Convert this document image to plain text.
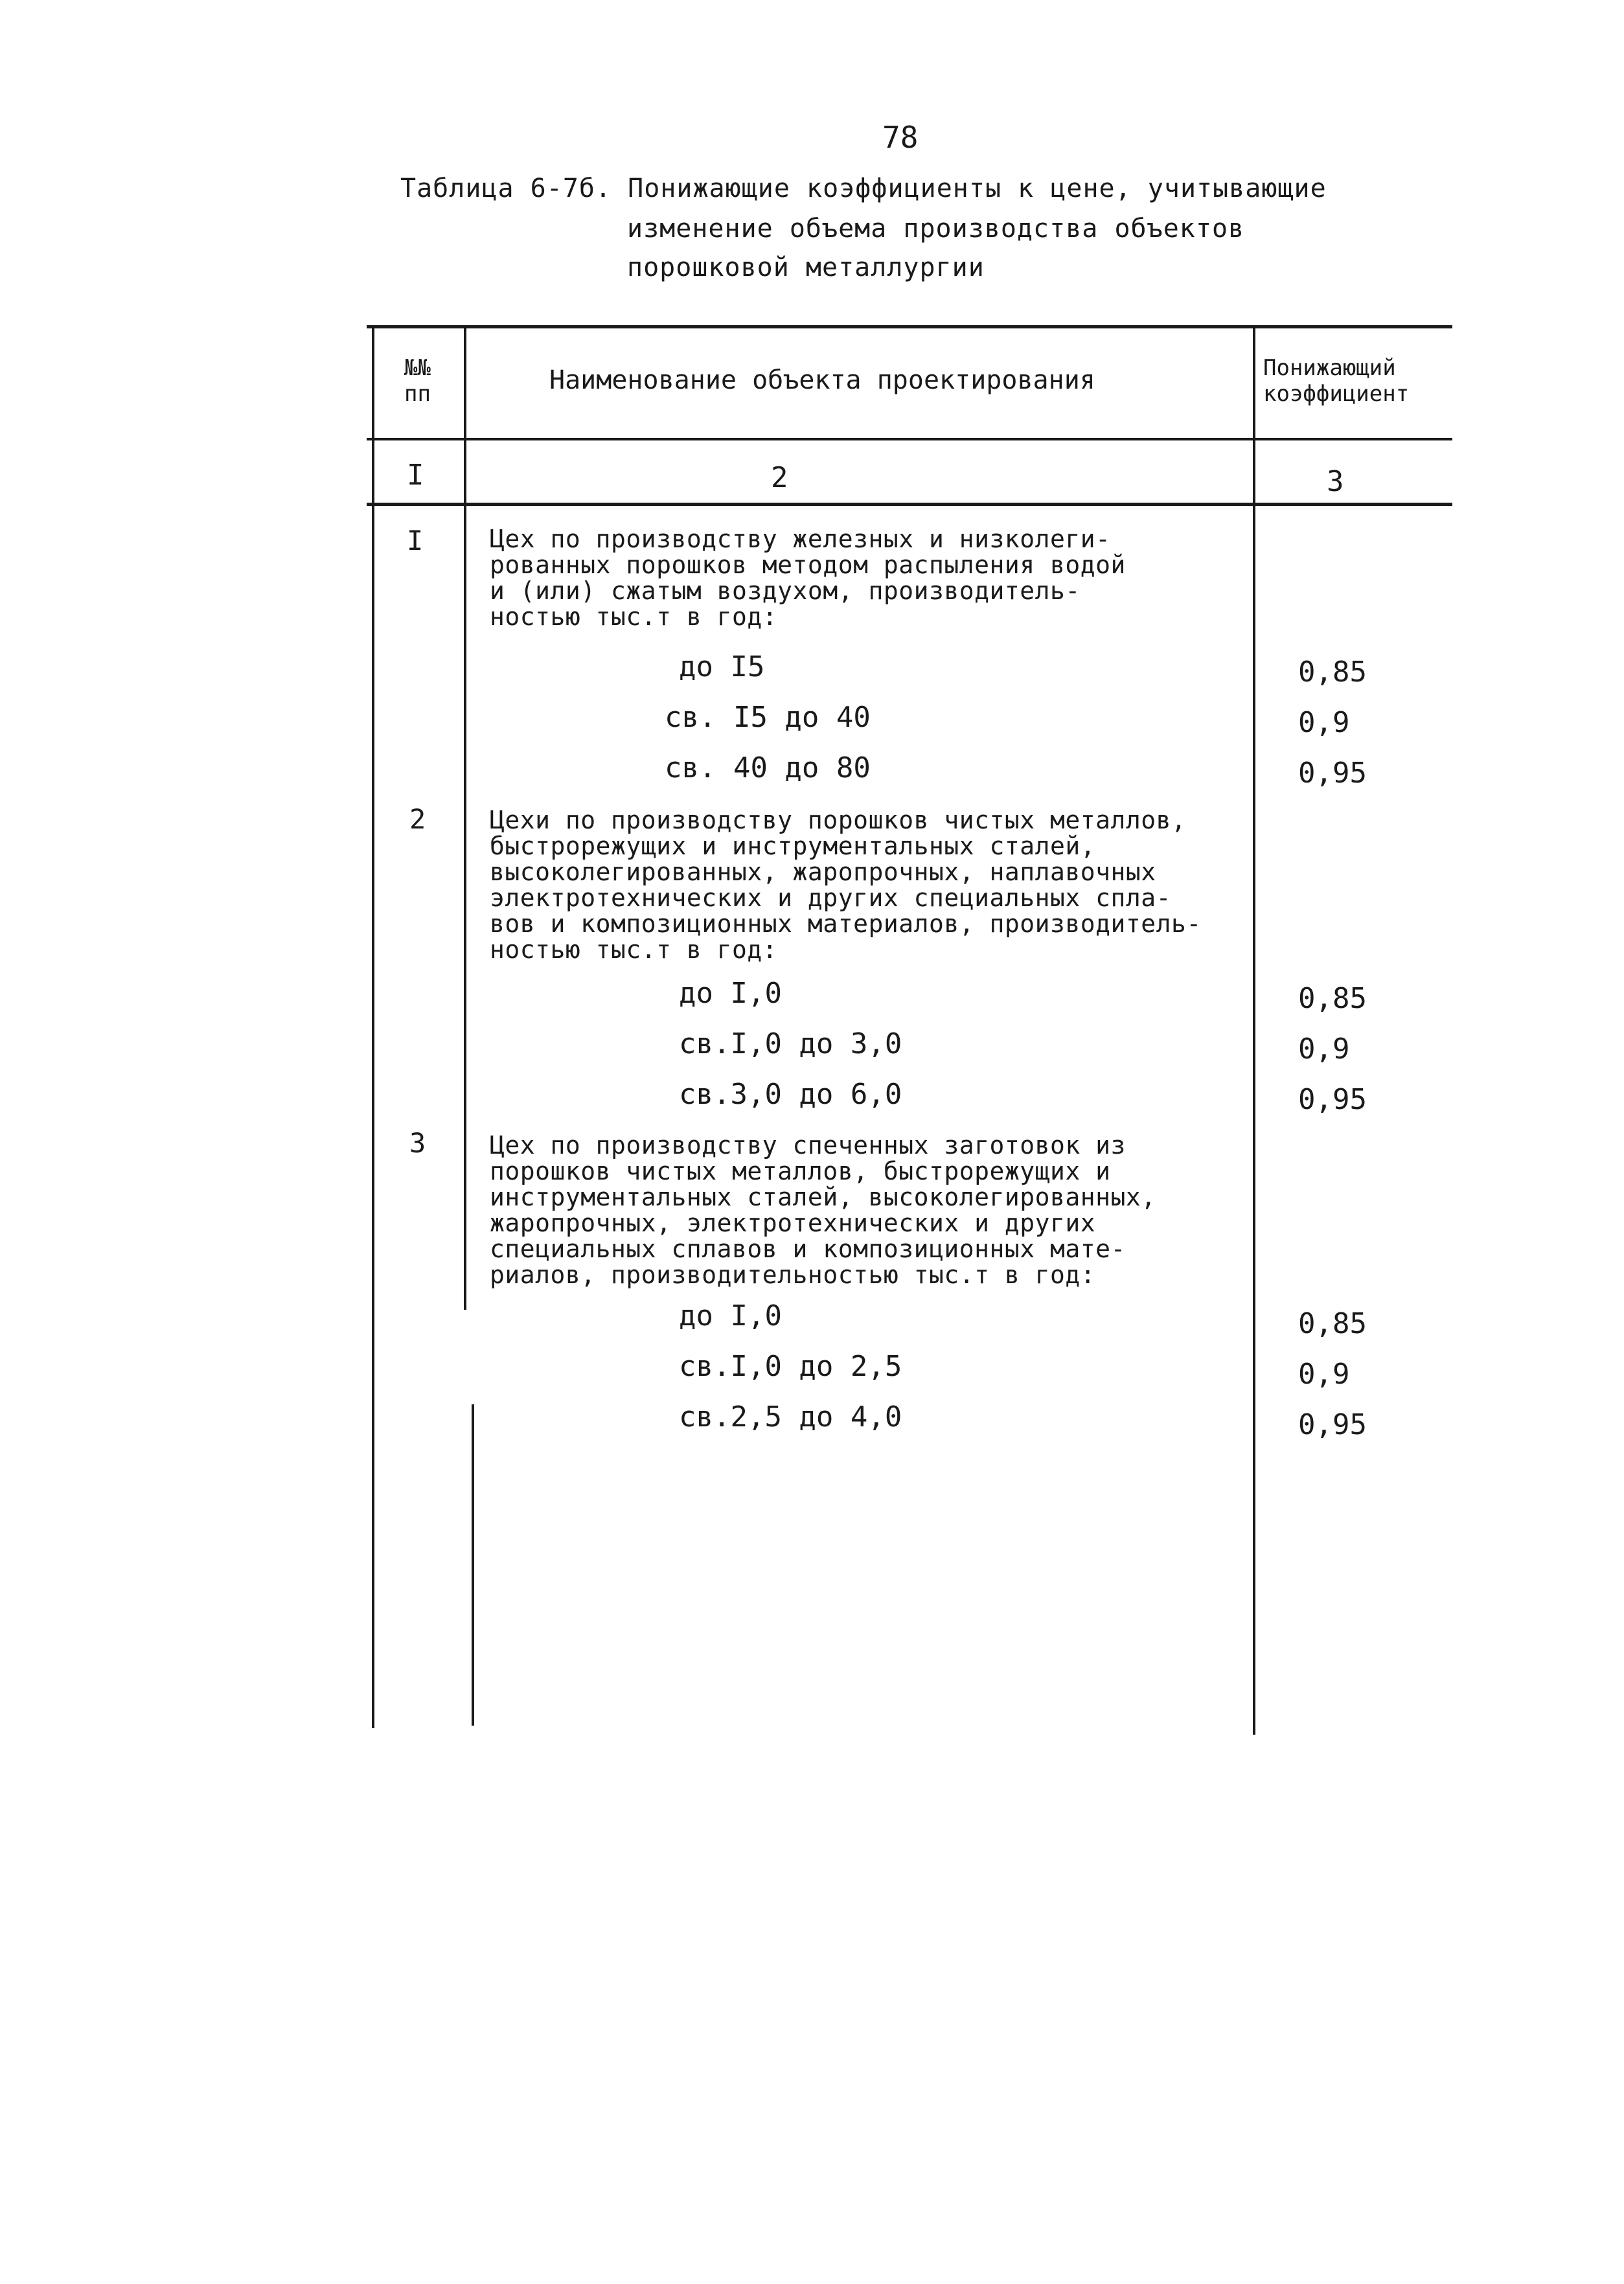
78
Таблица 6-7б. Понижающие коэффициенты к цене, учитывающие
изменение объема производства объектов
порошковой металлургии
№№
пп	Наименование объекта проектирования	Понижающий
коэффициент
I	2	3
I	Цех по производству железных и низколеги-
рованных порошков методом распыления водой
и (или) сжатым воздухом, производитель-
ностью тыс.т в год:
до I5	0,85
св. I5 до 40	0,9
св. 40 до 80	0,95
2	Цехи по производству порошков чистых металлов,
быстрорежущих и инструментальных сталей,
высоколегированных, жаропрочных, наплавочных
электротехнических и других специальных спла-
вов и композиционных материалов, производитель-
ностью тыс.т в год:
до I,0	0,85
св.I,0 до 3,0	0,9
св.3,0 до 6,0	0,95
3	Цех по производству спеченных заготовок из
порошков чистых металлов, быстрорежущих и
инструментальных сталей, высоколегированных,
жаропрочных, электротехнических и других
специальных сплавов и композиционных мате-
риалов, производительностью тыс.т в год:
до I,0	0,85
св.I,0 до 2,5	0,9
св.2,5 до 4,0	0,95
